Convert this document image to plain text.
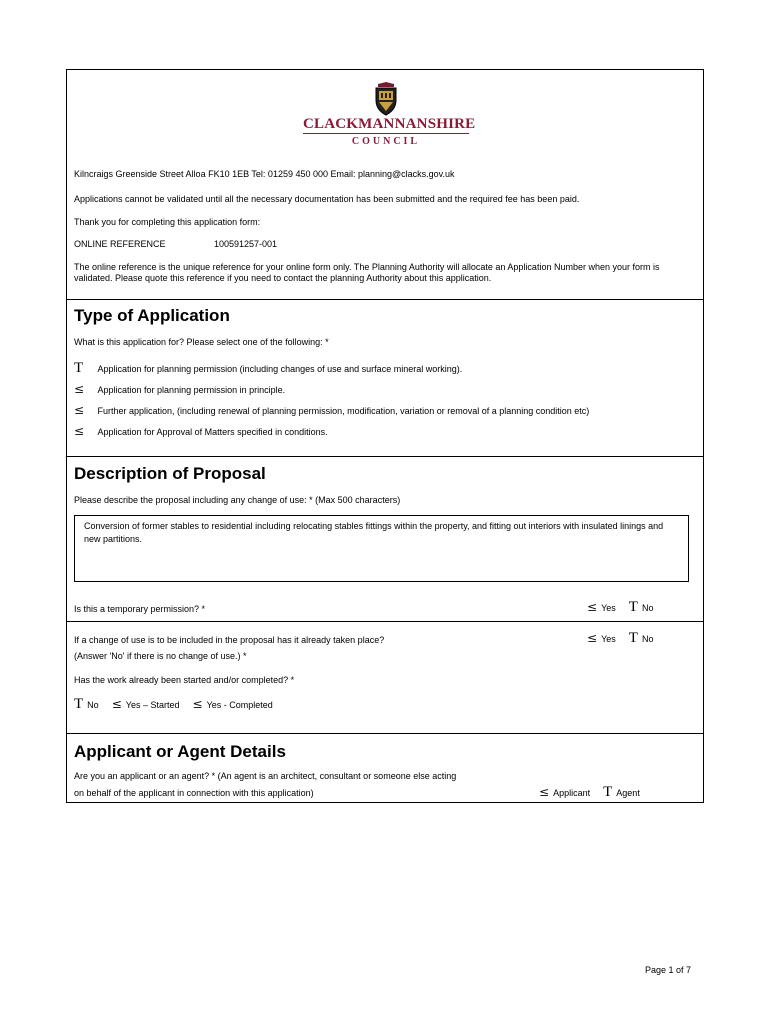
CLACKMANNANSHIRE
COUNCIL
Kilncraigs Greenside Street Alloa FK10 1EB Tel: 01259 450 000 Email: planning@clacks.gov.uk
Applications cannot be validated until all the necessary documentation has been submitted and the required fee has been paid.
Thank you for completing this application form:
ONLINE REFERENCE	100591257-001
The online reference is the unique reference for your online form only. The Planning Authority will allocate an Application Number when your form is validated. Please quote this reference if you need to contact the planning Authority about this application.
Type of Application
What is this application for? Please select one of the following: *
T Application for planning permission (including changes of use and surface mineral working).
≤ Application for planning permission in principle.
≤ Further application, (including renewal of planning permission, modification, variation or removal of a planning condition etc)
≤ Application for Approval of Matters specified in conditions.
Description of Proposal
Please describe the proposal including any change of use: * (Max 500 characters)
Conversion of former stables to residential including relocating stables fittings within the property, and fitting out interiors with insulated linings and new partitions.
Is this a temporary permission? *	≤ Yes T No
If a change of use is to be included in the proposal has it already taken place?	≤ Yes T No
(Answer 'No' if there is no change of use.) *
Has the work already been started and/or completed? *
T No ≤ Yes – Started ≤ Yes - Completed
Applicant or Agent Details
Are you an applicant or an agent? * (An agent is an architect, consultant or someone else acting
on behalf of the applicant in connection with this application)	≤ Applicant T Agent
Page 1 of 7
